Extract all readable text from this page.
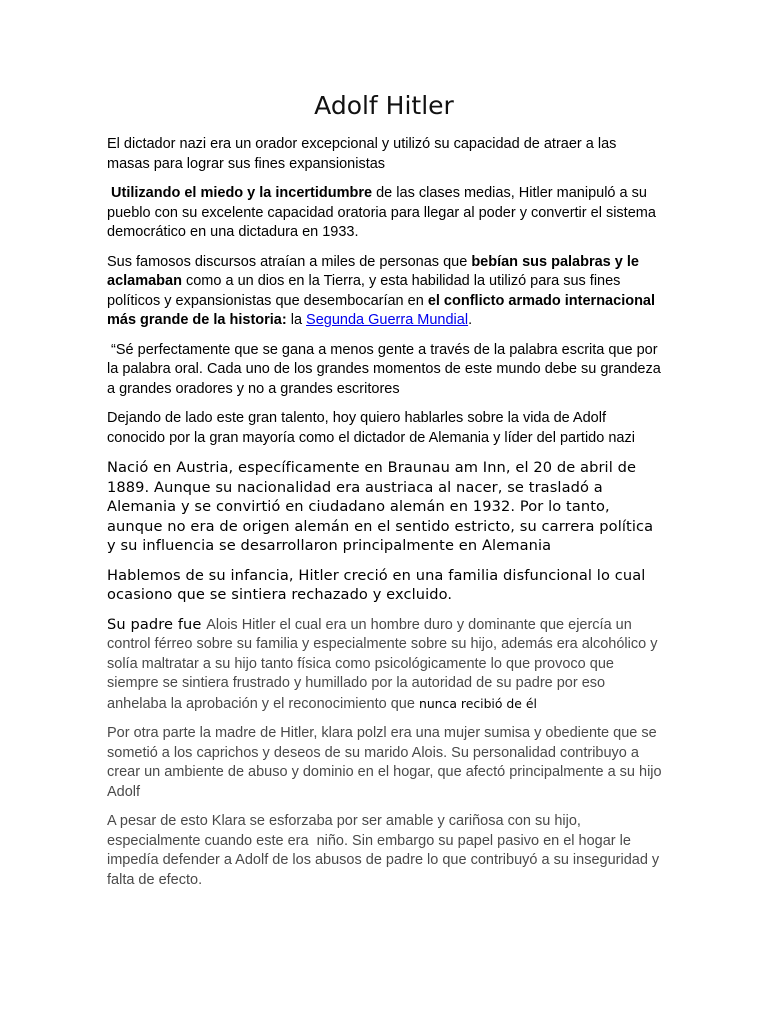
Adolf Hitler

El dictador nazi era un orador excepcional y utilizó su capacidad de atraer a las masas para lograr sus fines expansionistas

Utilizando el miedo y la incertidumbre de las clases medias, Hitler manipuló a su pueblo con su excelente capacidad oratoria para llegar al poder y convertir el sistema democrático en una dictadura en 1933.

Sus famosos discursos atraían a miles de personas que bebían sus palabras y le aclamaban como a un dios en la Tierra, y esta habilidad la utilizó para sus fines políticos y expansionistas que desembocarían en el conflicto armado internacional más grande de la historia: la Segunda Guerra Mundial.

“Sé perfectamente que se gana a menos gente a través de la palabra escrita que por la palabra oral. Cada uno de los grandes momentos de este mundo debe su grandeza a grandes oradores y no a grandes escritores

Dejando de lado este gran talento, hoy quiero hablarles sobre la vida de Adolf conocido por la gran mayoría como el dictador de Alemania y líder del partido nazi

Nació en Austria, específicamente en Braunau am Inn, el 20 de abril de 1889. Aunque su nacionalidad era austriaca al nacer, se trasladó a Alemania y se convirtió en ciudadano alemán en 1932. Por lo tanto, aunque no era de origen alemán en el sentido estricto, su carrera política y su influencia se desarrollaron principalmente en Alemania

Hablemos de su infancia, Hitler creció en una familia disfuncional lo cual ocasiono que se sintiera rechazado y excluido.

Su padre fue Alois Hitler el cual era un hombre duro y dominante que ejercía un control férreo sobre su familia y especialmente sobre su hijo, además era alcohólico y solía maltratar a su hijo tanto física como psicológicamente lo que provoco que siempre se sintiera frustrado y humillado por la autoridad de su padre por eso anhelaba la aprobación y el reconocimiento que nunca recibió de él

Por otra parte la madre de Hitler, klara polzl era una mujer sumisa y obediente que se sometió a los caprichos y deseos de su marido Alois. Su personalidad contribuyo a crear un ambiente de abuso y dominio en el hogar, que afectó principalmente a su hijo Adolf

A pesar de esto Klara se esforzaba por ser amable y cariñosa con su hijo, especialmente cuando este era  niño. Sin embargo su papel pasivo en el hogar le impedía defender a Adolf de los abusos de padre lo que contribuyó a su inseguridad y falta de efecto.
